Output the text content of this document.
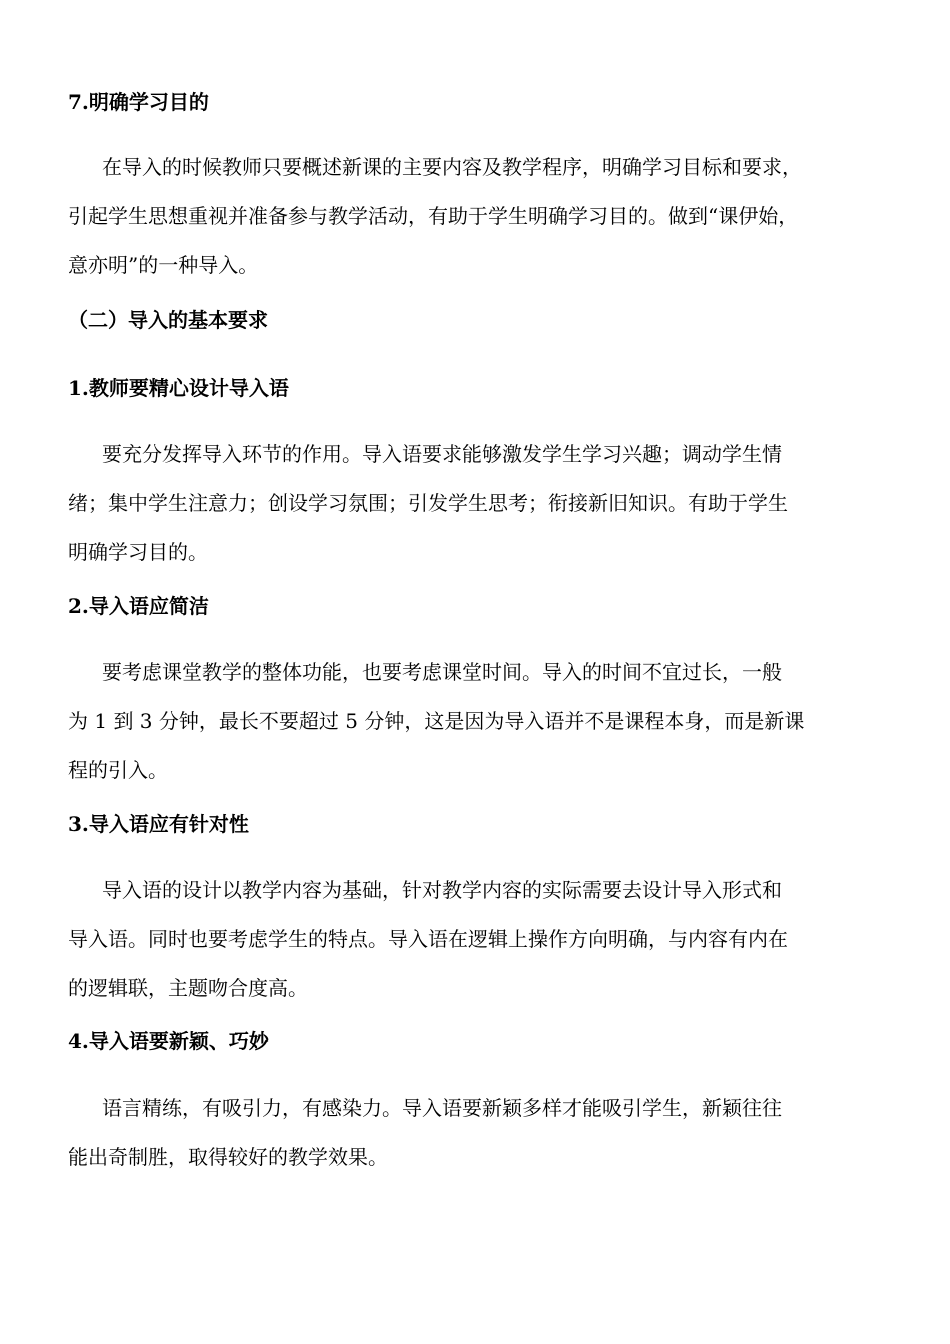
7.明确学习目的
在导入的时候教师只要概述新课的主要内容及教学程序，明确学习目标和要求，
引起学生思想重视并准备参与教学活动，有助于学生明确学习目的。做到“课伊始，
意亦明”的一种导入。
（二）导入的基本要求
1.教师要精心设计导入语
要充分发挥导入环节的作用。导入语要求能够激发学生学习兴趣；调动学生情
绪；集中学生注意力；创设学习氛围；引发学生思考；衔接新旧知识。有助于学生
明确学习目的。
2.导入语应简洁
要考虑课堂教学的整体功能，也要考虑课堂时间。导入的时间不宜过长，一般
为 1 到 3 分钟，最长不要超过 5 分钟，这是因为导入语并不是课程本身，而是新课
程的引入。
3.导入语应有针对性
导入语的设计以教学内容为基础，针对教学内容的实际需要去设计导入形式和
导入语。同时也要考虑学生的特点。导入语在逻辑上操作方向明确，与内容有内在
的逻辑联，主题吻合度高。
4.导入语要新颖、巧妙
语言精练，有吸引力，有感染力。导入语要新颖多样才能吸引学生，新颖往往
能出奇制胜，取得较好的教学效果。
